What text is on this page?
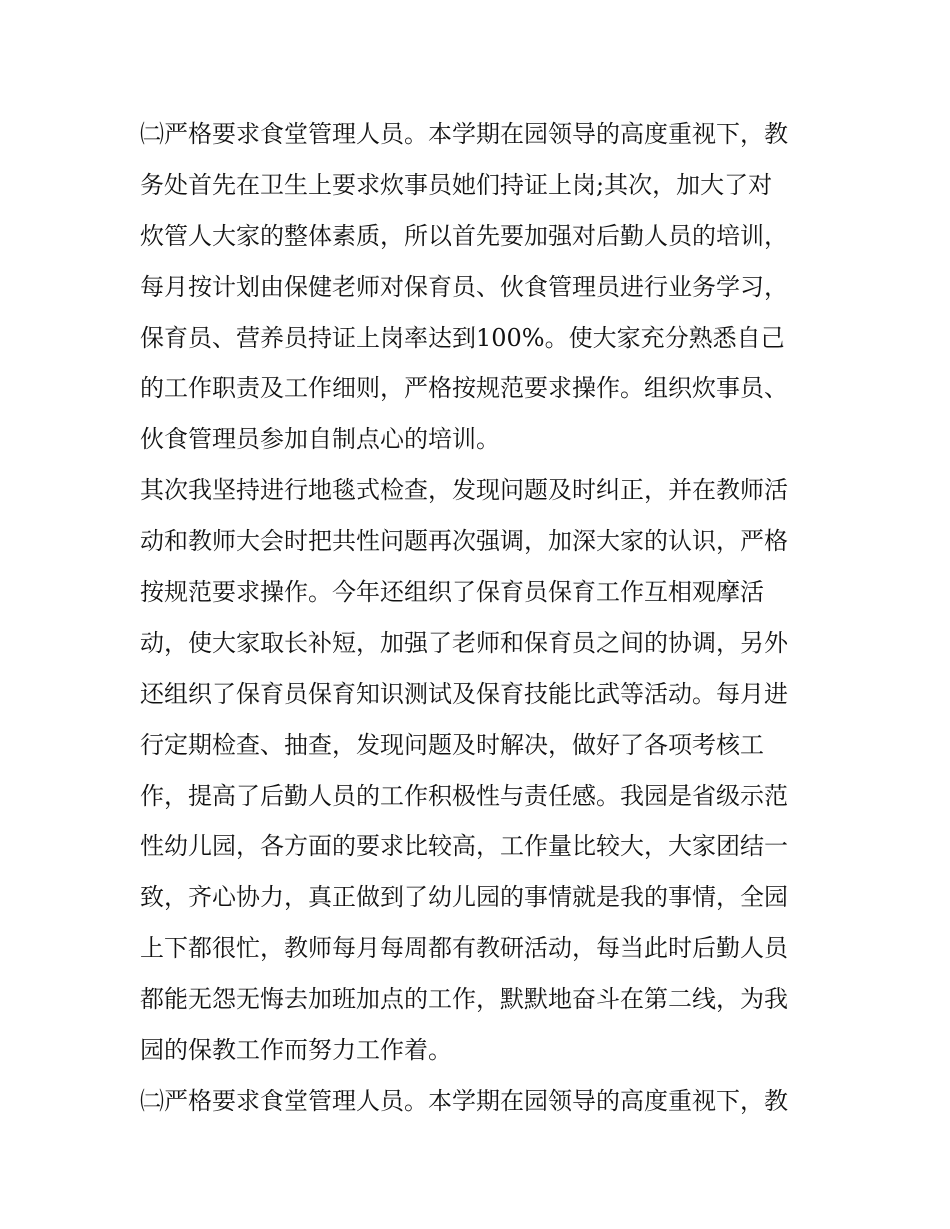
㈡严格要求食堂管理人员。本学期在园领导的高度重视下，教
务处首先在卫生上要求炊事员她们持证上岗;其次，加大了对
炊管人大家的整体素质，所以首先要加强对后勤人员的培训，
每月按计划由保健老师对保育员、伙食管理员进行业务学习，
保育员、营养员持证上岗率达到100%。使大家充分熟悉自己
的工作职责及工作细则，严格按规范要求操作。组织炊事员、
伙食管理员参加自制点心的培训。
其次我坚持进行地毯式检查，发现问题及时纠正，并在教师活
动和教师大会时把共性问题再次强调，加深大家的认识，严格
按规范要求操作。今年还组织了保育员保育工作互相观摩活
动，使大家取长补短，加强了老师和保育员之间的协调，另外
还组织了保育员保育知识测试及保育技能比武等活动。每月进
行定期检查、抽查，发现问题及时解决，做好了各项考核工
作，提高了后勤人员的工作积极性与责任感。我园是省级示范
性幼儿园，各方面的要求比较高，工作量比较大，大家团结一
致，齐心协力，真正做到了幼儿园的事情就是我的事情，全园
上下都很忙，教师每月每周都有教研活动，每当此时后勤人员
都能无怨无悔去加班加点的工作，默默地奋斗在第二线，为我
园的保教工作而努力工作着。
㈡严格要求食堂管理人员。本学期在园领导的高度重视下，教
